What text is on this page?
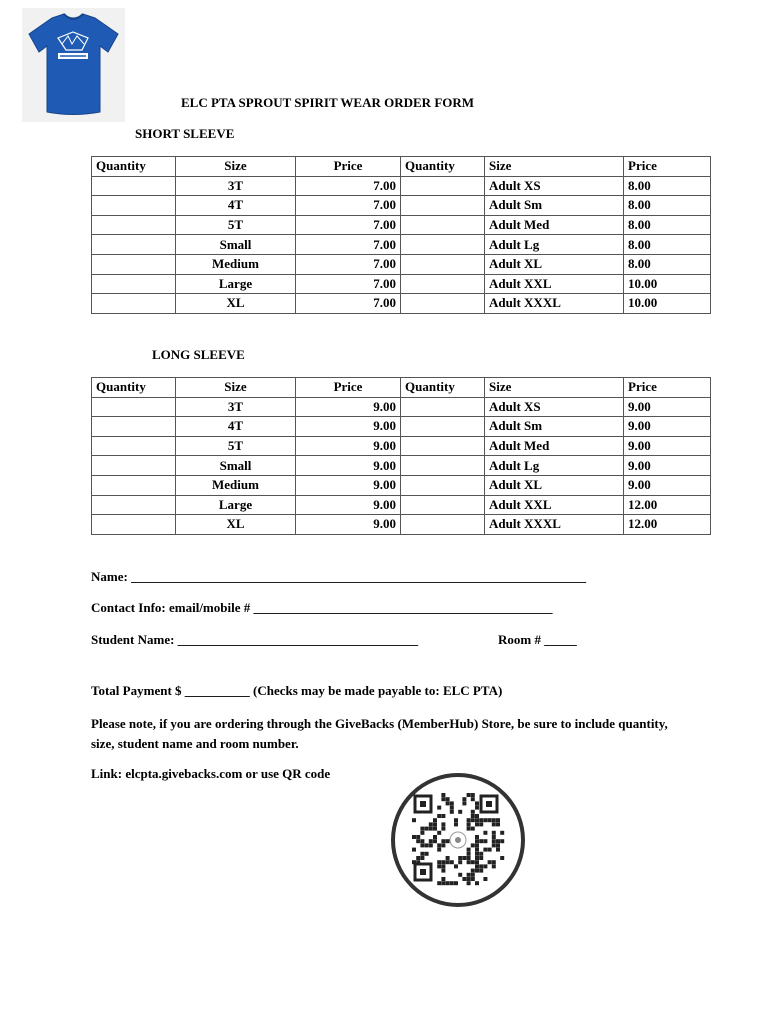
ELC PTA SPROUT SPIRIT WEAR ORDER FORM
SHORT SLEEVE
Quantity	Size	Price	Quantity	Size	Price
	3T	7.00		Adult XS	8.00
	4T	7.00		Adult Sm	8.00
	5T	7.00		Adult Med	8.00
	Small	7.00		Adult Lg	8.00
	Medium	7.00		Adult XL	8.00
	Large	7.00		Adult XXL	10.00
	XL	7.00		Adult XXXL	10.00
LONG SLEEVE
Quantity	Size	Price	Quantity	Size	Price
	3T	9.00		Adult XS	9.00
	4T	9.00		Adult Sm	9.00
	5T	9.00		Adult Med	9.00
	Small	9.00		Adult Lg	9.00
	Medium	9.00		Adult XL	9.00
	Large	9.00		Adult XXL	12.00
	XL	9.00		Adult XXXL	12.00
Name: ______________________________________________________________________
Contact Info: email/mobile # ______________________________________________
Student Name: _____________________________________	Room # _____
Total Payment $ __________ (Checks may be made payable to: ELC PTA)
Please note, if you are ordering through the GiveBacks (MemberHub) Store, be sure to include quantity, size, student name and room number.
Link: elcpta.givebacks.com or use QR code
